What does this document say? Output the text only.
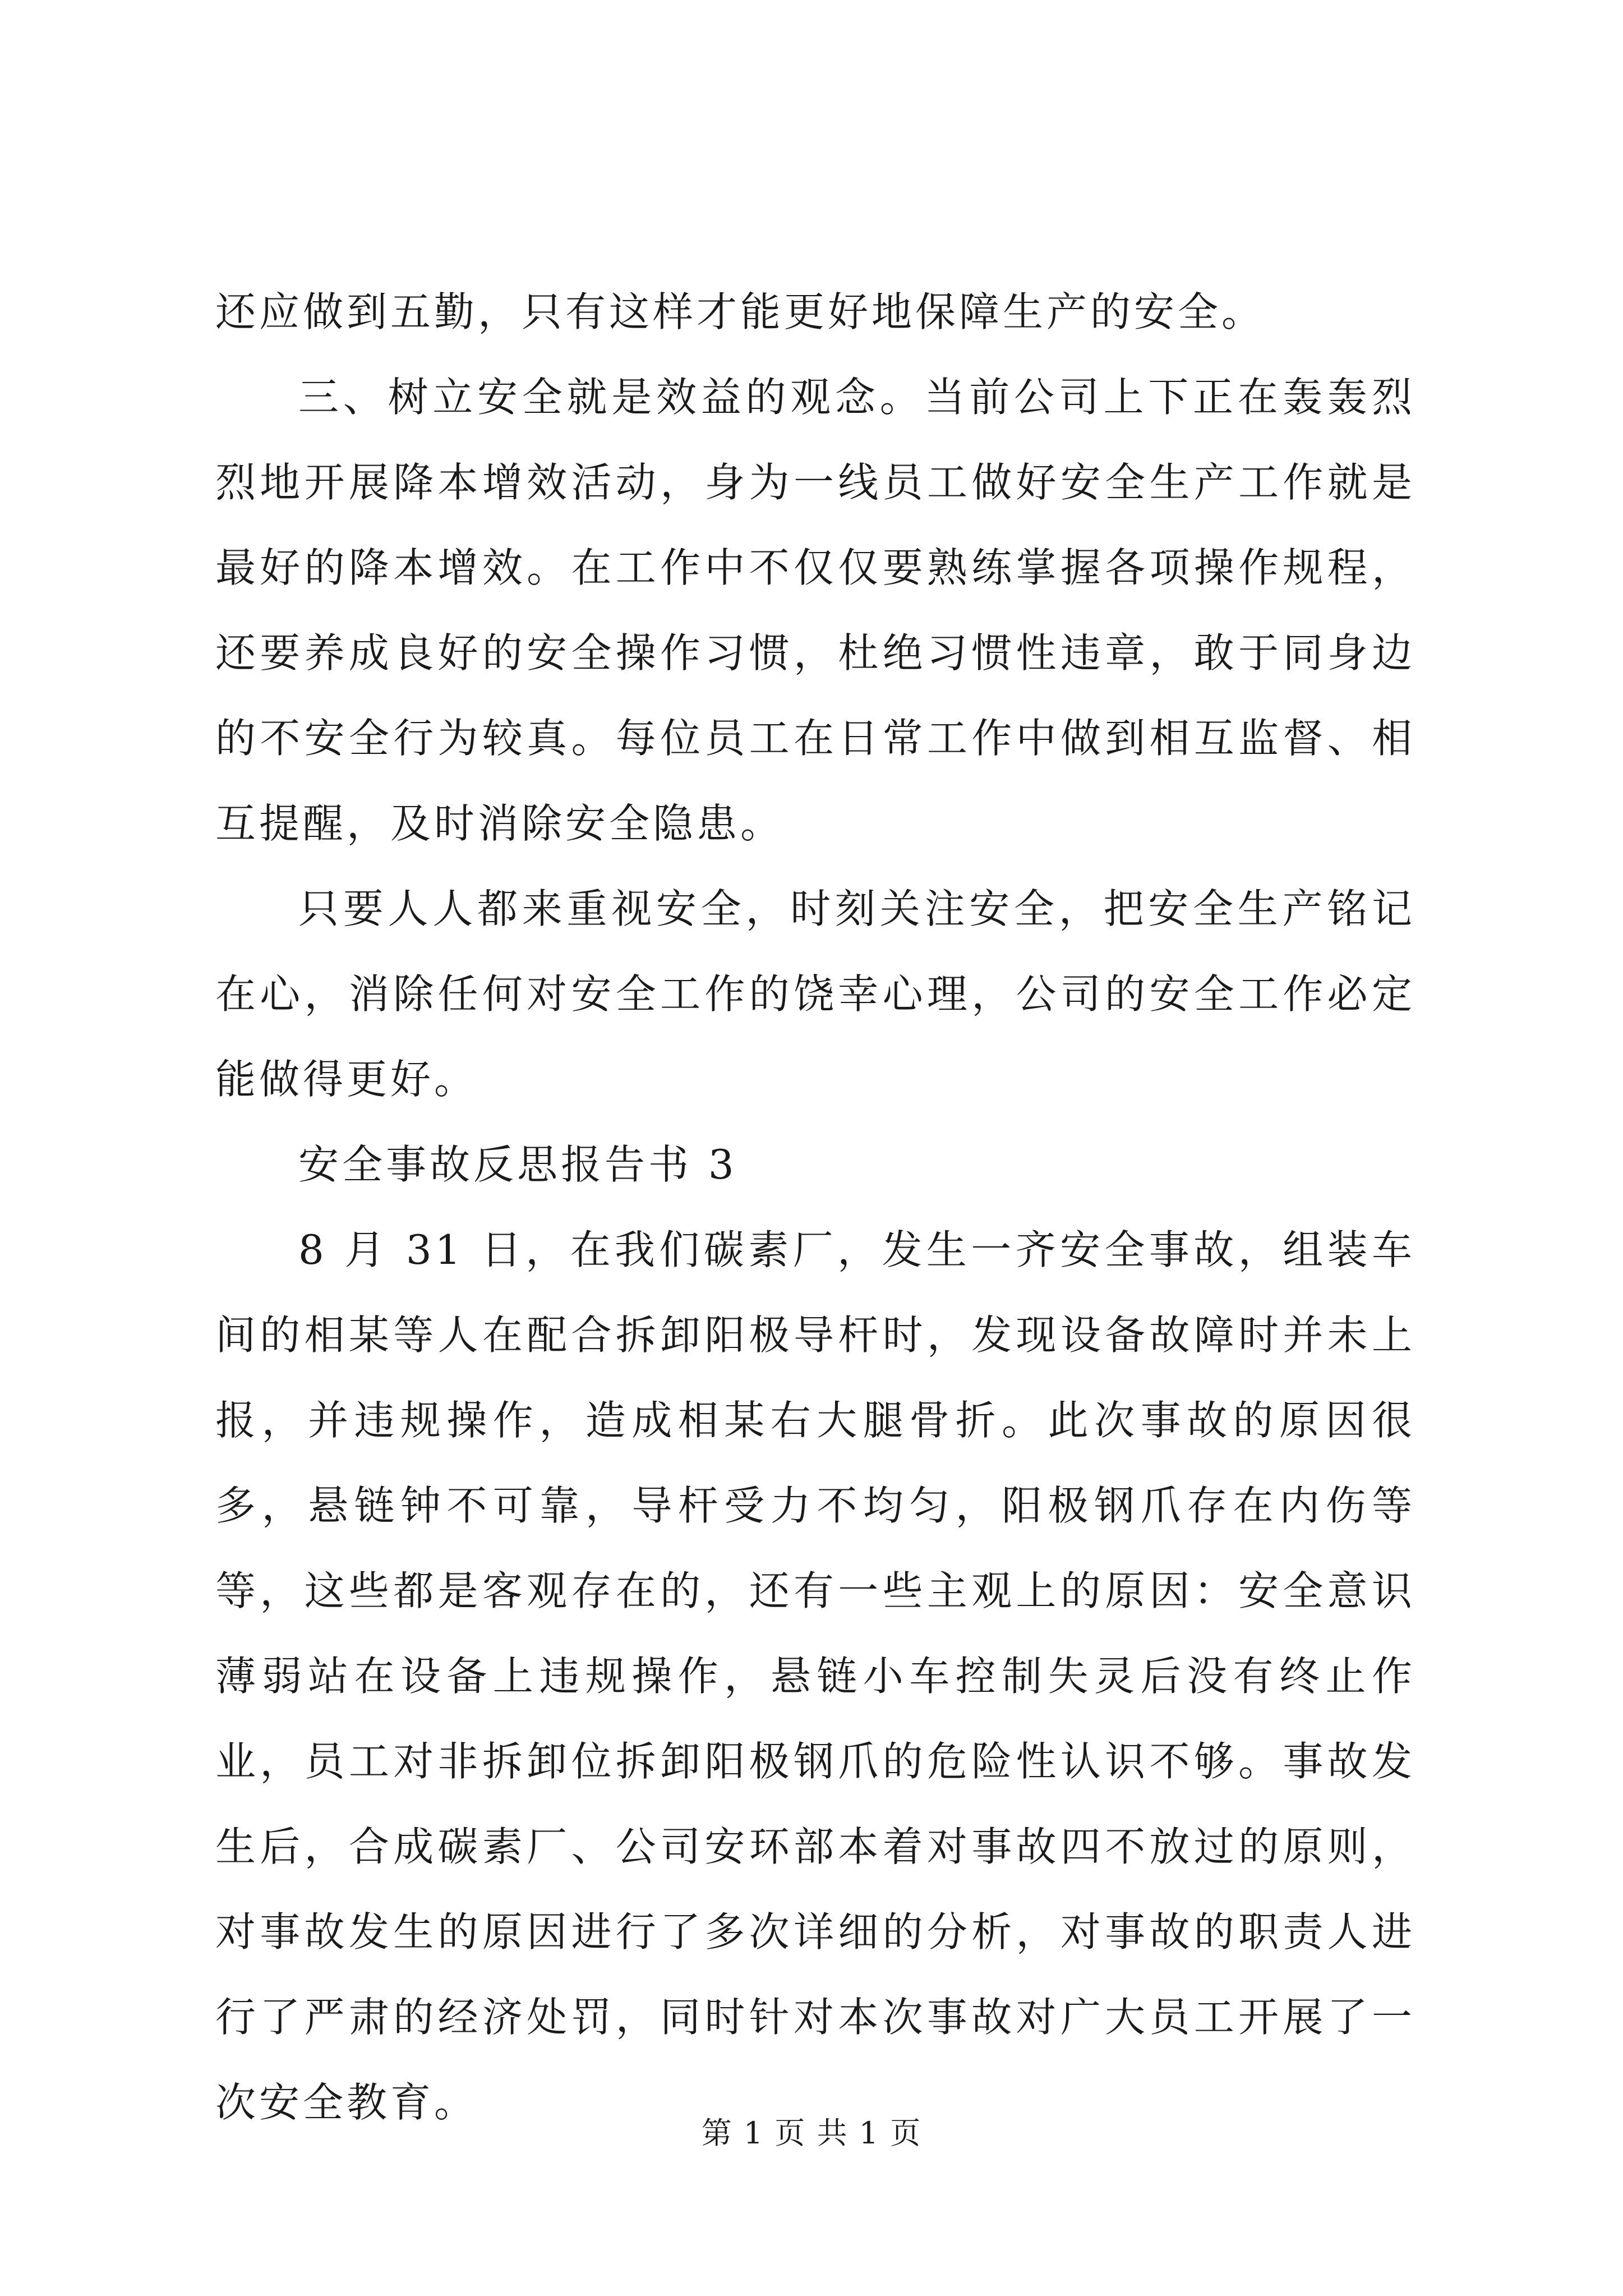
还应做到五勤，只有这样才能更好地保障生产的安全。

三、树立安全就是效益的观念。当前公司上下正在轰轰烈烈地开展降本增效活动，身为一线员工做好安全生产工作就是最好的降本增效。在工作中不仅仅要熟练掌握各项操作规程，还要养成良好的安全操作习惯，杜绝习惯性违章，敢于同身边的不安全行为较真。每位员工在日常工作中做到相互监督、相互提醒，及时消除安全隐患。

只要人人都来重视安全，时刻关注安全，把安全生产铭记在心，消除任何对安全工作的饶幸心理，公司的安全工作必定能做得更好。

安全事故反思报告书 3

8 月 31 日，在我们碳素厂，发生一齐安全事故，组装车间的相某等人在配合拆卸阳极导杆时，发现设备故障时并未上报，并违规操作，造成相某右大腿骨折。此次事故的原因很多，悬链钟不可靠，导杆受力不均匀，阳极钢爪存在内伤等等，这些都是客观存在的，还有一些主观上的原因：安全意识薄弱站在设备上违规操作，悬链小车控制失灵后没有终止作业，员工对非拆卸位拆卸阳极钢爪的危险性认识不够。事故发生后，合成碳素厂、公司安环部本着对事故四不放过的原则，对事故发生的原因进行了多次详细的分析，对事故的职责人进行了严肃的经济处罚，同时针对本次事故对广大员工开展了一次安全教育。

第 1 页 共 1 页
